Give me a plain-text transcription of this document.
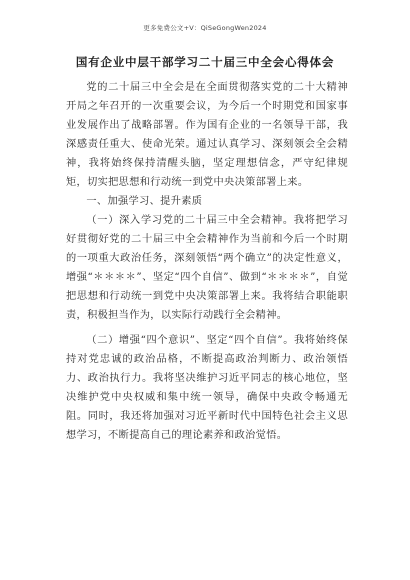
更多免费公文+V：QiSeGongWen2024
国有企业中层干部学习二十届三中全会心得体会

党的二十届三中全会是在全面贯彻落实党的二十大精神开局之年召开的一次重要会议，为今后一个时期党和国家事业发展作出了战略部署。作为国有企业的一名领导干部，我深感责任重大、使命光荣。通过认真学习、深刻领会全会精神，我将始终保持清醒头脑，坚定理想信念，严守纪律规矩，切实把思想和行动统一到党中央决策部署上来。

一、加强学习、提升素质

（一）深入学习党的二十届三中全会精神。我将把学习好贯彻好党的二十届三中全会精神作为当前和今后一个时期的一项重大政治任务，深刻领悟“两个确立”的决定性意义，增强“＊＊＊＊”、坚定“四个自信”、做到“＊＊＊＊”，自觉把思想和行动统一到党中央决策部署上来。我将结合职能职责，积极担当作为，以实际行动践行全会精神。

（二）增强“四个意识”、坚定“四个自信”。我将始终保持对党忠诚的政治品格，不断提高政治判断力、政治领悟力、政治执行力。我将坚决维护习近平同志的核心地位，坚决维护党中央权威和集中统一领导，确保中央政令畅通无阻。同时，我还将加强对习近平新时代中国特色社会主义思想学习，不断提高自己的理论素养和政治觉悟。
